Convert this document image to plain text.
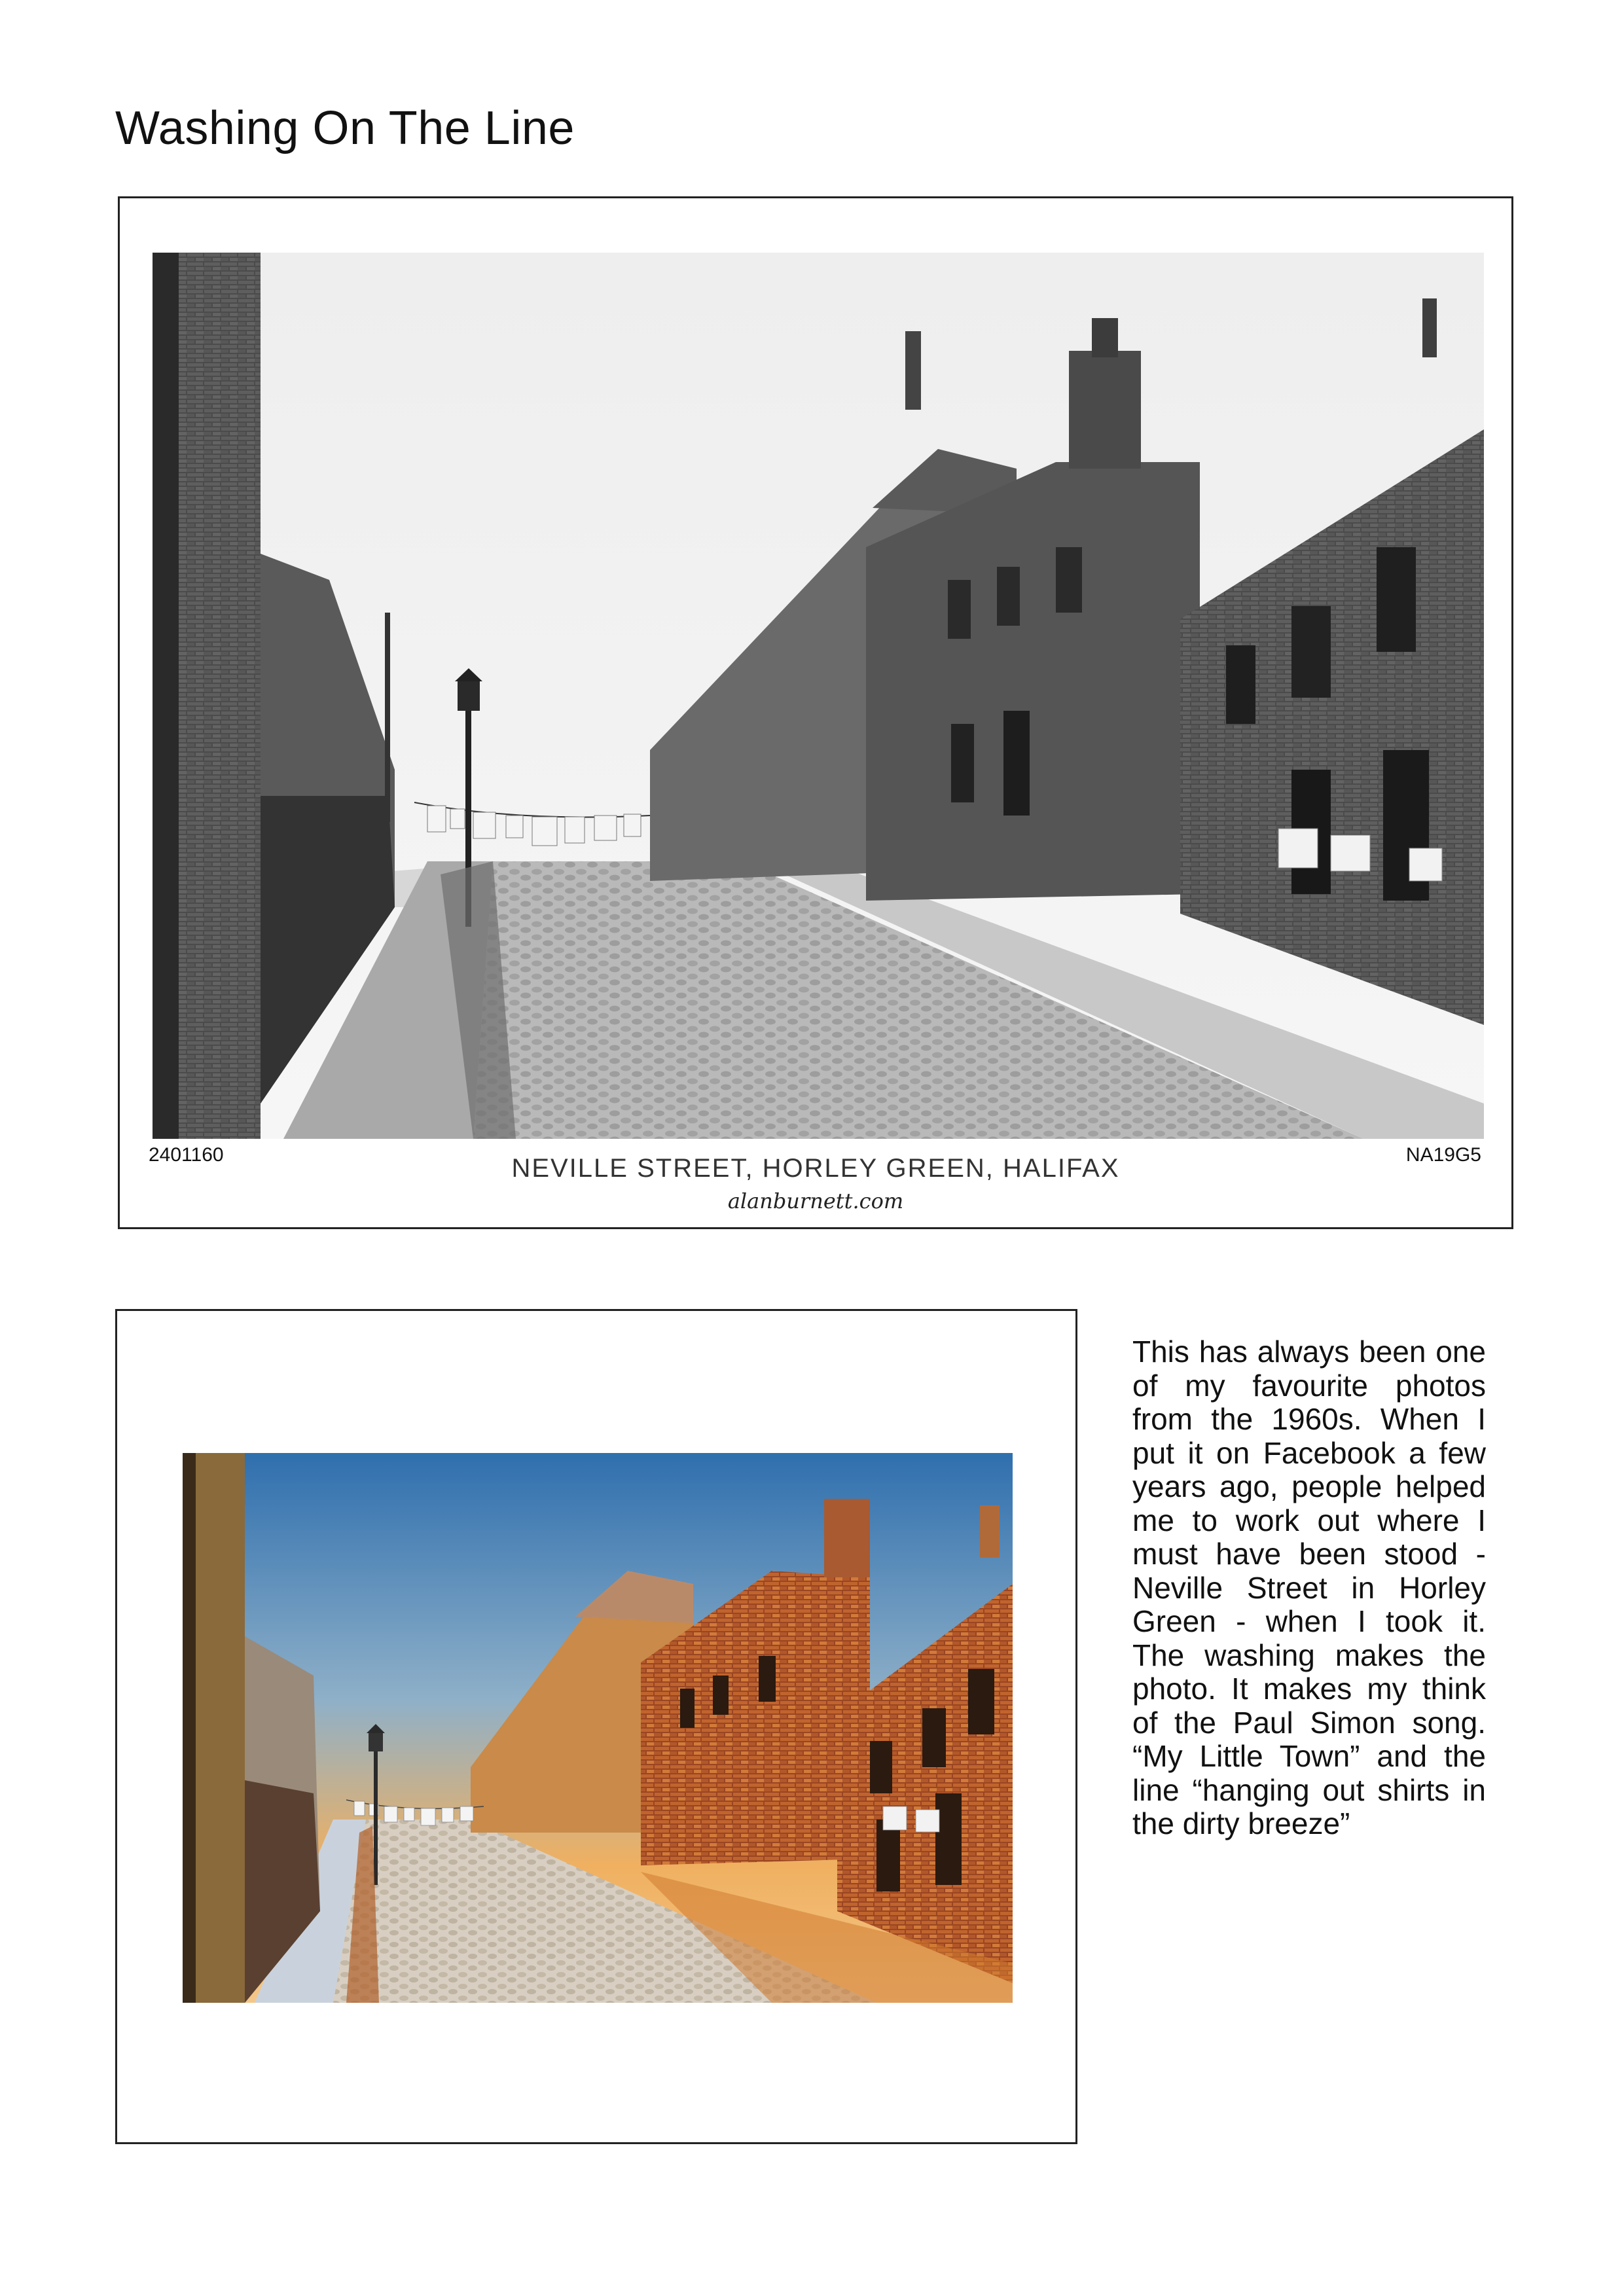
Washing On The Line
2401160	NA19G5
NEVILLE STREET, HORLEY GREEN, HALIFAX
alanburnett.com

This has always been one of my favourite photos from the 1960s. When I put it on Facebook a few years ago, people helped me to work out where I must have been stood - Neville Street in Horley Green - when I took it. The washing makes the photo. It makes my think of the Paul Simon song. “My Little Town” and the line “hanging out shirts in the dirty breeze”
